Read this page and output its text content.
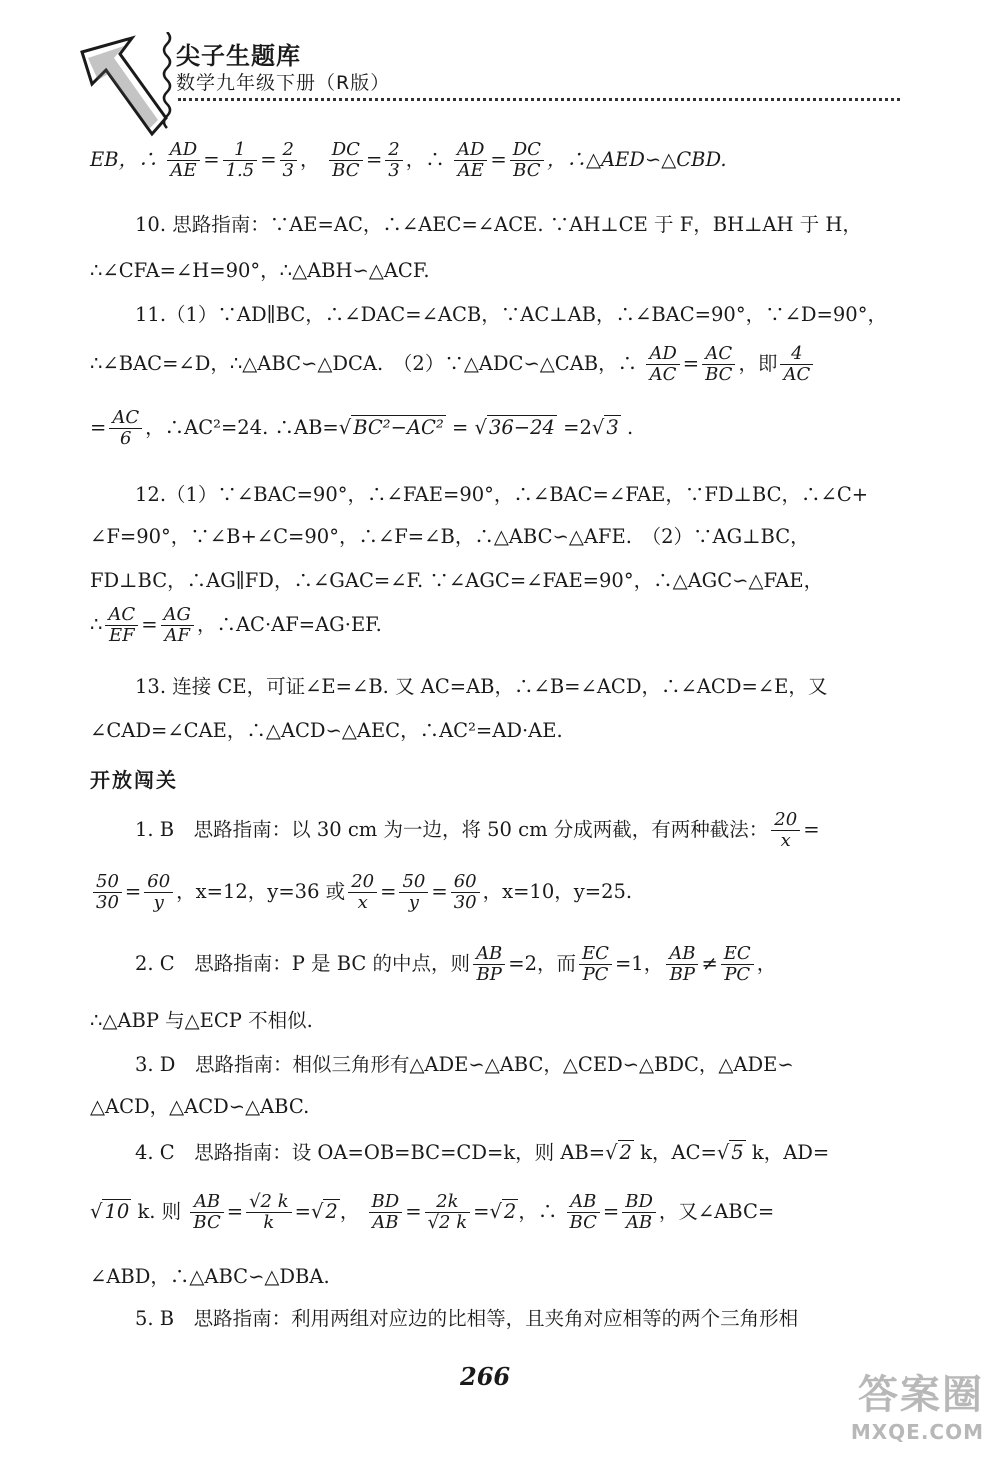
尖子生题库
数学九年级下册（R版）
EB，∴ $\frac{AD}{AE} = \frac{1}{1.5} = \frac{2}{3}$ ， $\frac{DC}{BC} = \frac{2}{3}$ ，∴ $\frac{AD}{AE} = \frac{DC}{BC}$ ，∴△AED∽△CBD.
10. 思路指南：∵AE=AC，∴∠AEC=∠ACE. ∵AH⊥CE 于 F，BH⊥AH 于 H，
∴∠CFA=∠H=90°，∴△ABH∽△ACF.
11.（1）∵AD∥BC，∴∠DAC=∠ACB，∵AC⊥AB，∴∠BAC=90°，∵∠D=90°，
∴∠BAC=∠D，∴△ABC∽△DCA.　（2）∵△ADC∽△CAB，∴ $\frac{AD}{AC} = \frac{AC}{BC}$ ，即 $\frac{4}{AC}$
= $\frac{AC}{6}$ ，∴AC²=24. ∴AB=√ BC²−AC² = √ 36−24 =2√ 3 .
12.（1）∵∠BAC=90°，∴∠FAE=90°，∴∠BAC=∠FAE，∵FD⊥BC，∴∠C+
∠F=90°，∵∠B+∠C=90°，∴∠F=∠B，∴△ABC∽△AFE.　（2）∵AG⊥BC，
FD⊥BC，∴AG∥FD，∴∠GAC=∠F. ∵∠AGC=∠FAE=90°，∴△AGC∽△FAE，
∴ $\frac{AC}{EF} = \frac{AG}{AF}$ ，∴AC·AF=AG·EF.
13. 连接 CE，可证∠E=∠B. 又 AC=AB，∴∠B=∠ACD，∴∠ACD=∠E，又
∠CAD=∠CAE，∴△ACD∽△AEC，∴AC²=AD·AE.
开放闯关
1. B　思路指南：以 30 cm 为一边，将 50 cm 分成两截，有两种截法： $\frac{20}{x}$ =
$\frac{50}{30} = \frac{60}{y}$ ，x=12，y=36 或 $\frac{20}{x} = \frac{50}{y} = \frac{60}{30}$ ，x=10，y=25.
2. C　思路指南：P 是 BC 的中点，则 $\frac{AB}{BP} =2$，而 $\frac{EC}{PC} =1$， $\frac{AB}{BP} \ne \frac{EC}{PC}$ ，
∴△ABP 与△ECP 不相似.
3. D　思路指南：相似三角形有△ADE∽△ABC，△CED∽△BDC，△ADE∽
△ACD，△ACD∽△ABC.
4. C　思路指南：设 OA=OB=BC=CD=k，则 AB=√ 2 k，AC=√ 5 k，AD=
√ 10 k. 则 $\frac{AB}{BC} = \frac{√2 k}{k}$ =√ 2 ， $\frac{BD}{AB} = \frac{2k}{√2 k}$ =√ 2 ，∴ $\frac{AB}{BC} = \frac{BD}{AB}$ ，又∠ABC=
∠ABD，∴△ABC∽△DBA.
5. B　思路指南：利用两组对应边的比相等，且夹角对应相等的两个三角形相
266	答案圈
MXQE.COM
